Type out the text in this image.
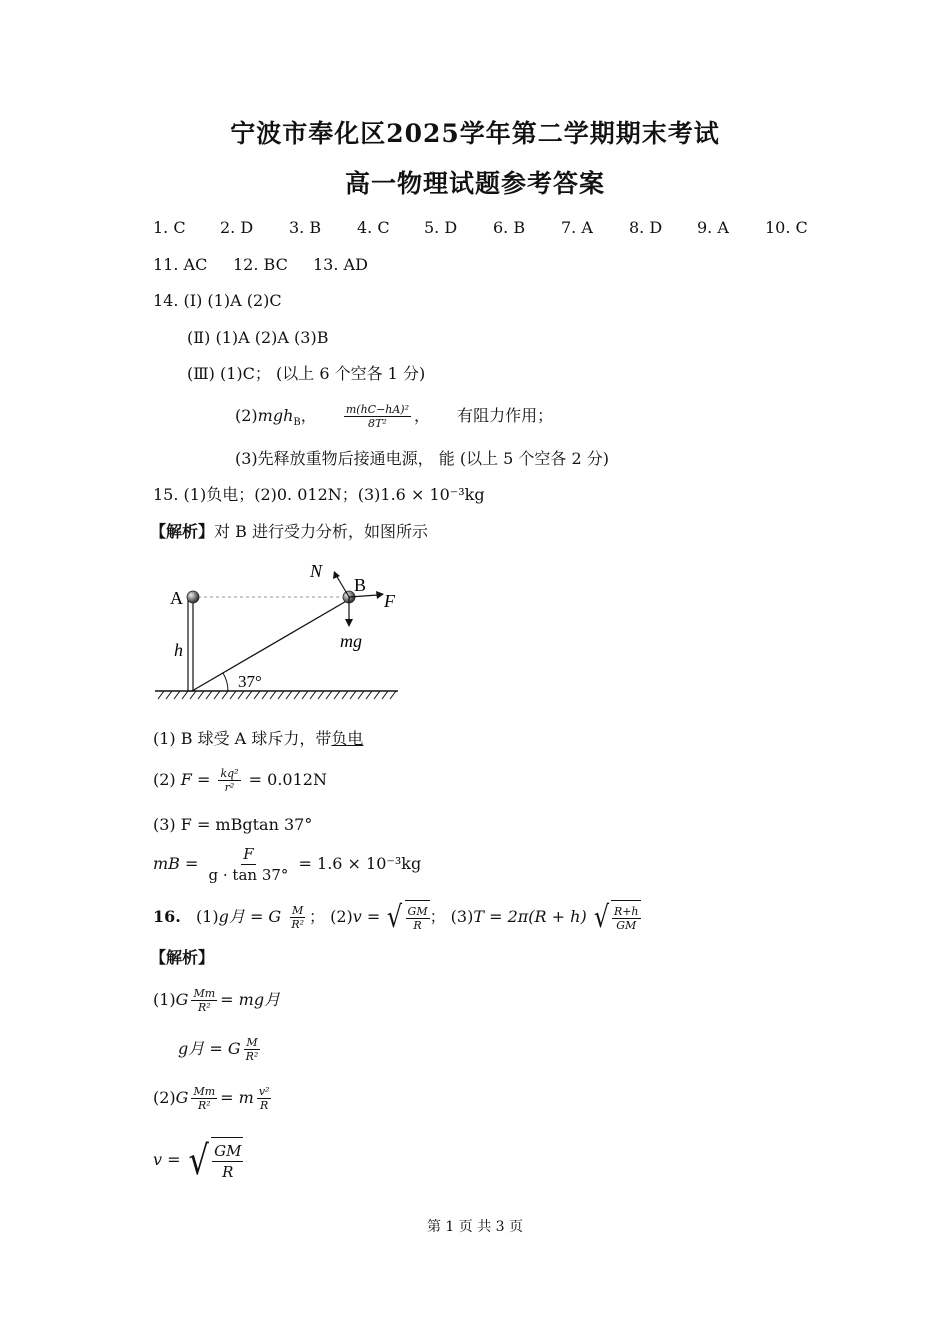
宁波市奉化区2025学年第二学期期末考试
高一物理试题参考答案
1. C 2. D 3. B 4. C 5. D 6. B 7. A 8. D 9. A 10. C
11. AC 12. BC 13. AD
14. (Ⅰ) (1)A (2)C
(Ⅱ) (1)A (2)A (3)B
(Ⅲ) (1)C； (以上 6 个空各 1 分)
(2)mgh$_B$， $\frac{\text{m(hC−hA)²}}{\text{8T²}}$ ， 有阻力作用；
(3)先释放重物后接通电源， 能 (以上 5 个空各 2 分)
15. (1)负电；(2)0. 012N；(3)1.6 × 10⁻³kg
【解析】对 B 进行受力分析，如图所示
A
B
N
F
mg
h
37°
(1) B 球受 A 球斥力，带负电
(2) $F = \frac{\text{kq²}}{\text{r²}} = 0.012N$
(3) F = mBgtan 37°
mB = $\frac{F}{g \cdot \tan 37^\circ} = 1.6 \times 10^{-3}kg$
16. (1)g月 = G $\frac{M}{\text{R²}}$ ； (2)v = √ $\frac{GM}{R}$ ； (3)T = 2π(R + h) √ $\frac{R+h}{GM}$
【解析】
$(1)G \frac{Mm}{\text{R²}}$ = mg月
g月 = G $\frac{M}{\text{R²}}$
$(2)G \frac{Mm}{\text{R²}} = m \frac{\text{v²}}{R}$
v = √ $\frac{GM}{R}$
第 1 页 共 3 页
